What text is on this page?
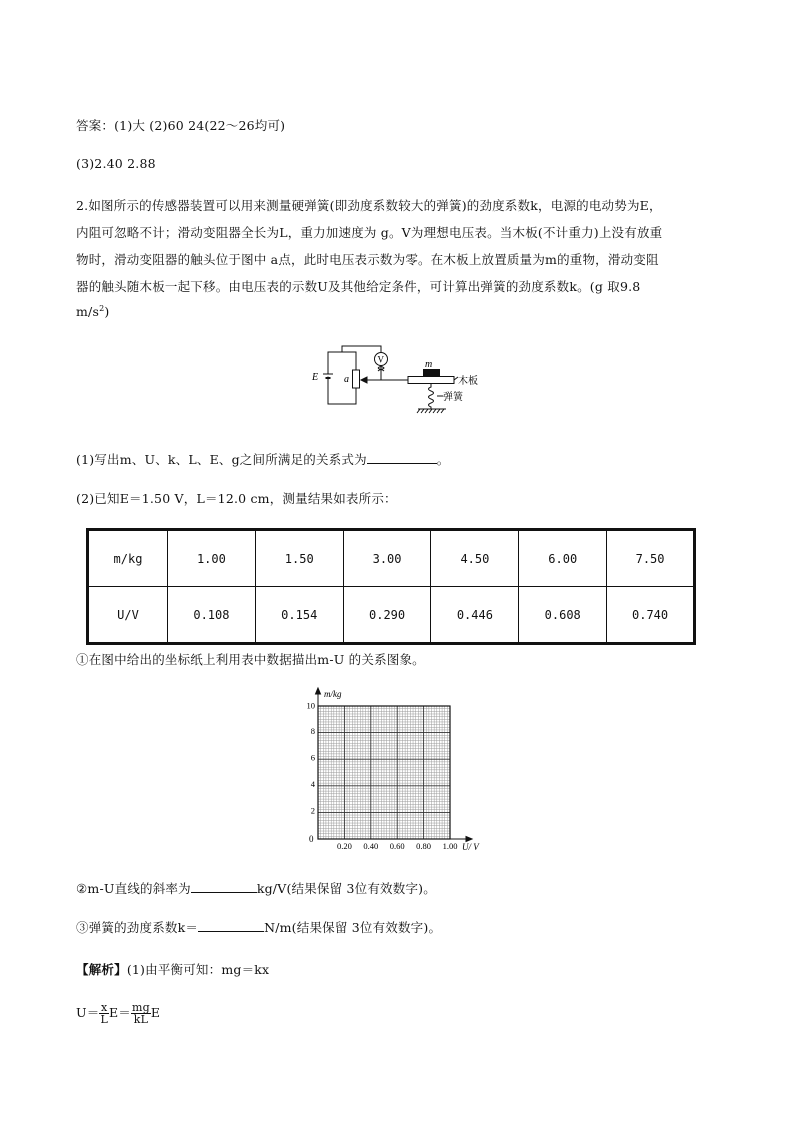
答案：(1)大 (2)60 24(22～26均可)
(3)2.40 2.88
2.如图所示的传感器装置可以用来测量硬弹簧(即劲度系数较大的弹簧)的劲度系数k，电源的电动势为E，
内阻可忽略不计；滑动变阻器全长为L，重力加速度为 g。V为理想电压表。当木板(不计重力)上没有放重
物时，滑动变阻器的触头位于图中 a点，此时电压表示数为零。在木板上放置质量为m的重物，滑动变阻
器的触头随木板一起下移。由电压表的示数U及其他给定条件，可计算出弹簧的劲度系数k。(g 取9.8
$m/s^2$)
E	a
V	m
木板
弹簧
(1)写出m、U、k、L、E、g之间所满足的关系式为	。
(2)已知E＝1.50 V，L＝12.0 cm，测量结果如表所示：
m/kg	1.00	1.50	3.00	4.50	6.00	7.50
U/V	0.108	0.154	0.290	0.446	0.608	0.740
①在图中给出的坐标纸上利用表中数据描出m-U 的关系图象。
m/kg
U/ V
0
2
4
6
8
10
0.20 0.40 0.60 0.80 1.00
②m-U直线的斜率为	kg/V(结果保留 3位有效数字)。
③弹簧的劲度系数k＝	N/m(结果保留 3位有效数字)。
【解析】(1)由平衡可知：mg＝kx
$U= \frac{x}{L} E= \frac{mg}{kL}$ E
